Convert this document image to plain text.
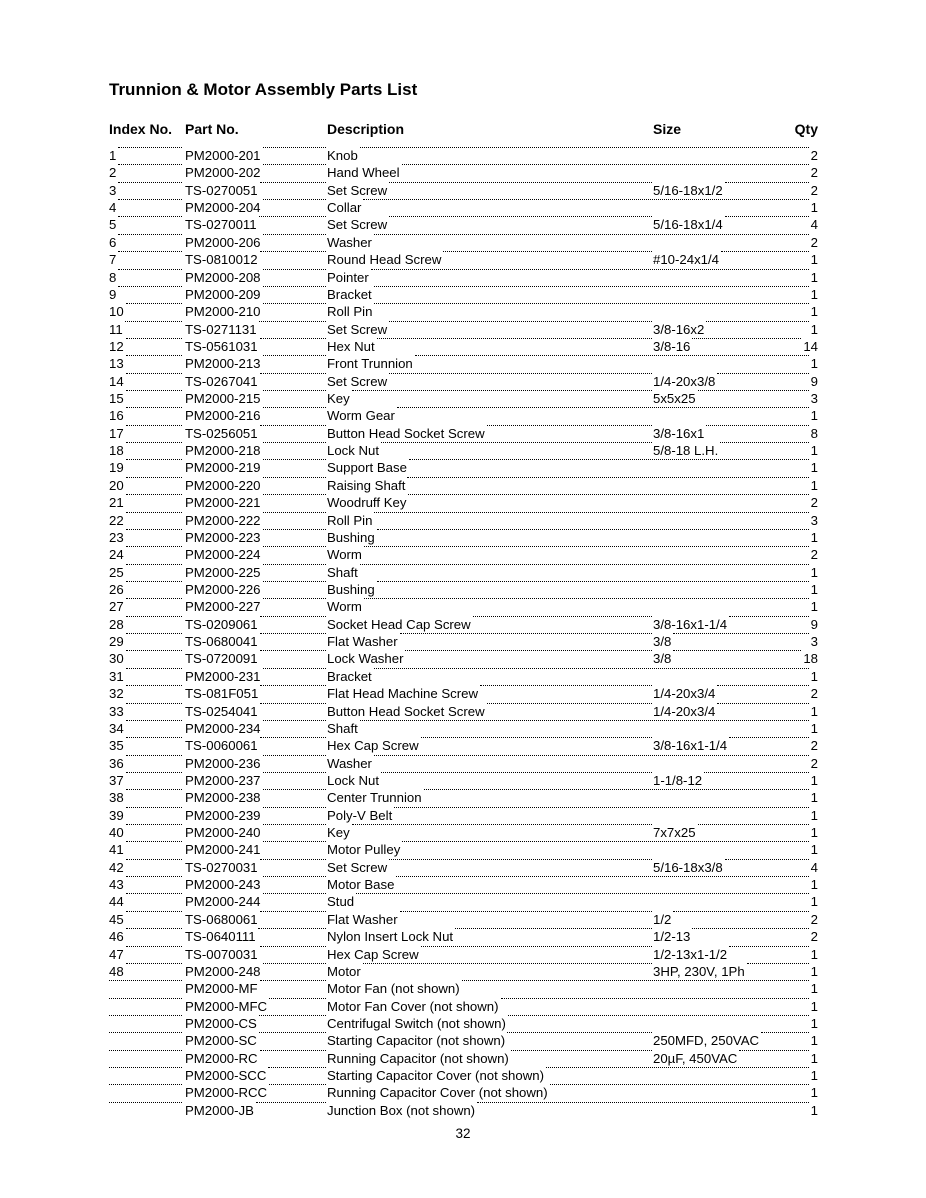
Trunnion & Motor Assembly Parts List
Index No. Part No.	Description	Size	Qty
1	PM2000-201	Knob	2
2	PM2000-202	Hand Wheel	2
3	TS-0270051	Set Screw	5/16-18x1/2	2
4	PM2000-204	Collar	1
5	TS-0270011	Set Screw	5/16-18x1/4	4
6	PM2000-206	Washer	2
7	TS-0810012	Round Head Screw	#10-24x1/4	1
8	PM2000-208	Pointer	1
9	PM2000-209	Bracket	1
10	PM2000-210	Roll Pin	1
11	TS-0271131	Set Screw	3/8-16x2	1
12	TS-0561031	Hex Nut	3/8-16	14
13	PM2000-213	Front Trunnion	1
14	TS-0267041	Set Screw	1/4-20x3/8	9
15	PM2000-215	Key	5x5x25	3
16	PM2000-216	Worm Gear	1
17	TS-0256051	Button Head Socket Screw	3/8-16x1	8
18	PM2000-218	Lock Nut	5/8-18 L.H.	1
19	PM2000-219	Support Base	1
20	PM2000-220	Raising Shaft	1
21	PM2000-221	Woodruff Key	2
22	PM2000-222	Roll Pin	3
23	PM2000-223	Bushing	1
24	PM2000-224	Worm	2
25	PM2000-225	Shaft	1
26	PM2000-226	Bushing	1
27	PM2000-227	Worm	1
28	TS-0209061	Socket Head Cap Screw	3/8-16x1-1/4	9
29	TS-0680041	Flat Washer	3/8	3
30	TS-0720091	Lock Washer	3/8	18
31	PM2000-231	Bracket	1
32	TS-081F051	Flat Head Machine Screw	1/4-20x3/4	2
33	TS-0254041	Button Head Socket Screw	1/4-20x3/4	1
34	PM2000-234	Shaft	1
35	TS-0060061	Hex Cap Screw	3/8-16x1-1/4	2
36	PM2000-236	Washer	2
37	PM2000-237	Lock Nut	1-1/8-12	1
38	PM2000-238	Center Trunnion	1
39	PM2000-239	Poly-V Belt	1
40	PM2000-240	Key	7x7x25	1
41	PM2000-241	Motor Pulley	1
42	TS-0270031	Set Screw	5/16-18x3/8	4
43	PM2000-243	Motor Base	1
44	PM2000-244	Stud	1
45	TS-0680061	Flat Washer	1/2	2
46	TS-0640111	Nylon Insert Lock Nut	1/2-13	2
47	TS-0070031	Hex Cap Screw	1/2-13x1-1/2	1
48	PM2000-248	Motor	3HP, 230V, 1Ph	1
PM2000-MF	Motor Fan (not shown)	1
PM2000-MFC	Motor Fan Cover (not shown)	1
PM2000-CS	Centrifugal Switch (not shown)	1
PM2000-SC	Starting Capacitor (not shown)	250MFD, 250VAC	1
PM2000-RC	Running Capacitor (not shown)	20µF, 450VAC	1
PM2000-SCC	Starting Capacitor Cover (not shown)	1
PM2000-RCC	Running Capacitor Cover (not shown)	1
PM2000-JB	Junction Box (not shown)	1
32
